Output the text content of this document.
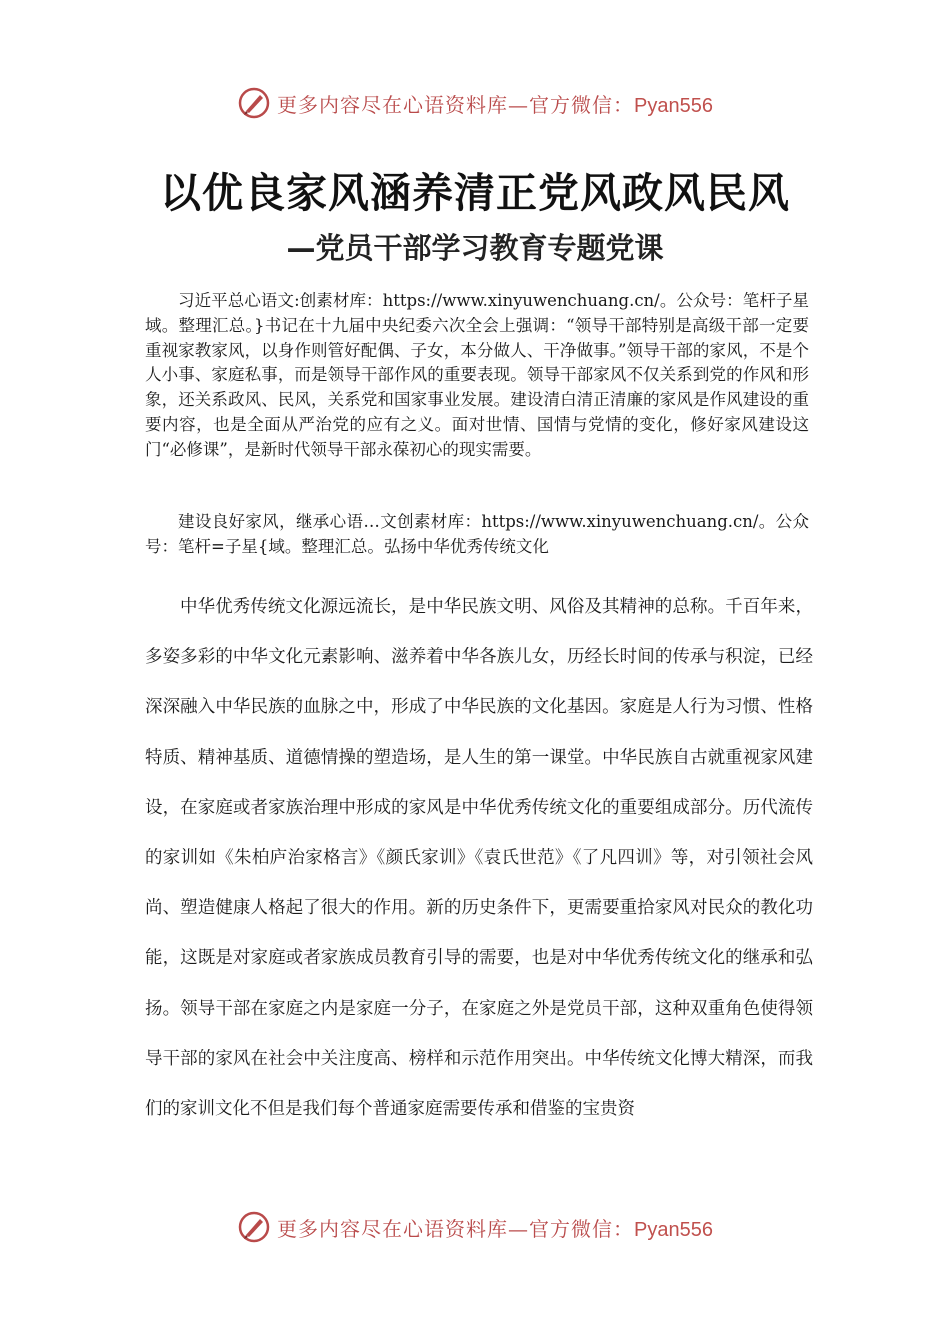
更多内容尽在心语资料库—官方微信：Pyan556
以优良家风涵养清正党风政风民风
—党员干部学习教育专题党课

习近平总心语文:创素材库：https://www.xinyuwenchuang.cn/。公众号：笔杆子星域。整理汇总。}书记在十九届中央纪委六次全会上强调：“领导干部特别是高级干部一定要重视家教家风，以身作则管好配偶、子女，本分做人、干净做事。”领导干部的家风，不是个人小事、家庭私事，而是领导干部作风的重要表现。领导干部家风不仅关系到党的作风和形象，还关系政风、民风，关系党和国家事业发展。建设清白清正清廉的家风是作风建设的重要内容，也是全面从严治党的应有之义。面对世情、国情与党情的变化，修好家风建设这门“必修课”，是新时代领导干部永葆初心的现实需要。

建设良好家风，继承心语…文创素材库：https://www.xinyuwenchuang.cn/。公众号：笔杆=子星{域。整理汇总。弘扬中华优秀传统文化

中华优秀传统文化源远流长，是中华民族文明、风俗及其精神的总称。千百年来，多姿多彩的中华文化元素影响、滋养着中华各族儿女，历经长时间的传承与积淀，已经深深融入中华民族的血脉之中，形成了中华民族的文化基因。家庭是人行为习惯、性格特质、精神基质、道德情操的塑造场，是人生的第一课堂。中华民族自古就重视家风建设，在家庭或者家族治理中形成的家风是中华优秀传统文化的重要组成部分。历代流传的家训如《朱柏庐治家格言》《颜氏家训》《袁氏世范》《了凡四训》等，对引领社会风尚、塑造健康人格起了很大的作用。新的历史条件下，更需要重拾家风对民众的教化功能，这既是对家庭或者家族成员教育引导的需要，也是对中华优秀传统文化的继承和弘扬。领导干部在家庭之内是家庭一分子，在家庭之外是党员干部，这种双重角色使得领导干部的家风在社会中关注度高、榜样和示范作用突出。中华传统文化博大精深，而我们的家训文化不但是我们每个普通家庭需要传承和借鉴的宝贵资

更多内容尽在心语资料库—官方微信：Pyan556
